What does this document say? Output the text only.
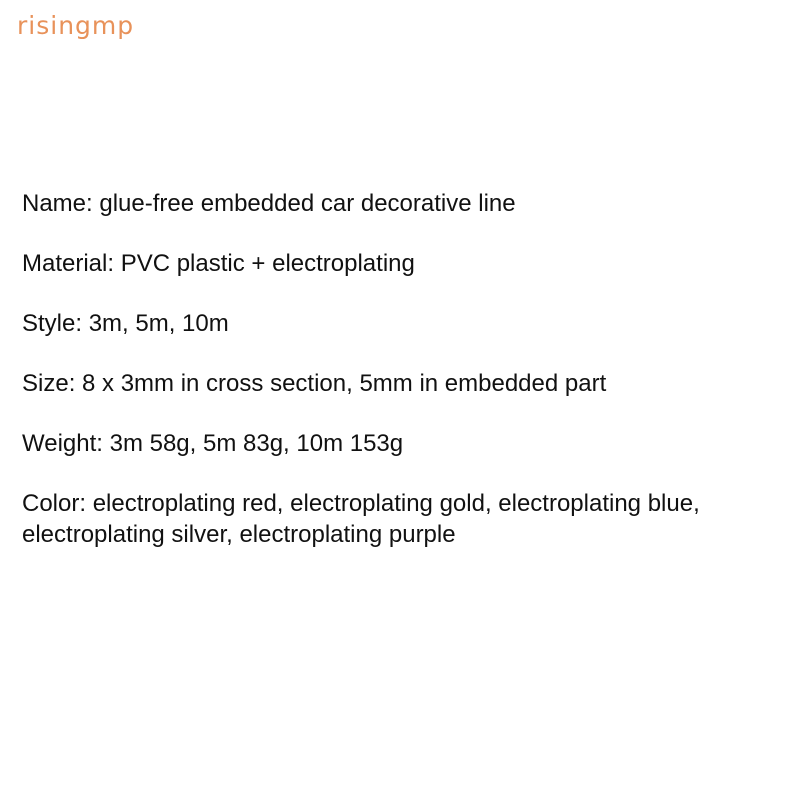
risingmp

Name: glue-free embedded car decorative line

Material: PVC plastic + electroplating

Style: 3m, 5m, 10m

Size: 8 x 3mm in cross section, 5mm in embedded part

Weight: 3m 58g, 5m 83g, 10m 153g

Color: electroplating red, electroplating gold, electroplating blue, electroplating silver, electroplating purple
